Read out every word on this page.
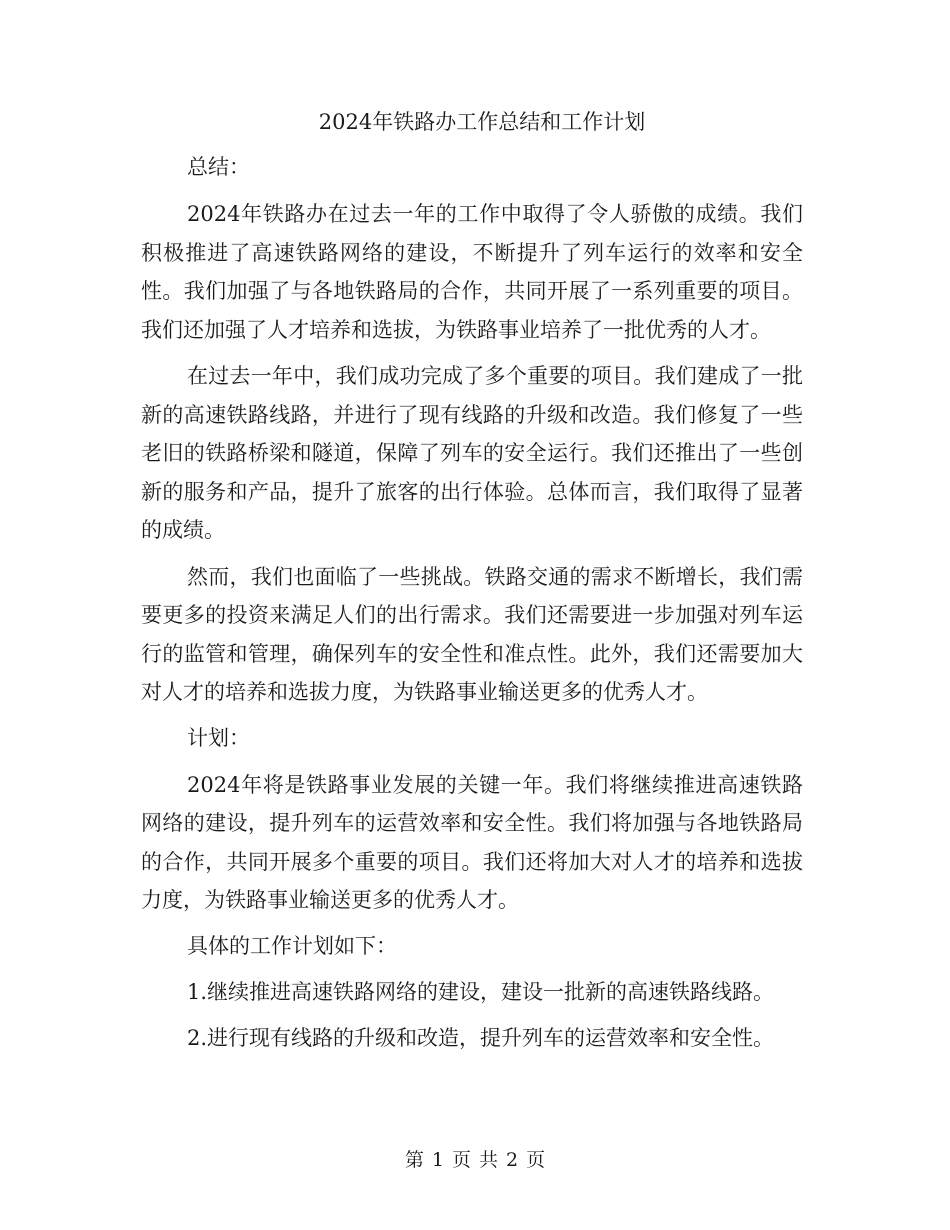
2024年铁路办工作总结和工作计划

总结：

2024年铁路办在过去一年的工作中取得了令人骄傲的成绩。我们积极推进了高速铁路网络的建设，不断提升了列车运行的效率和安全性。我们加强了与各地铁路局的合作，共同开展了一系列重要的项目。我们还加强了人才培养和选拔，为铁路事业培养了一批优秀的人才。

在过去一年中，我们成功完成了多个重要的项目。我们建成了一批新的高速铁路线路，并进行了现有线路的升级和改造。我们修复了一些老旧的铁路桥梁和隧道，保障了列车的安全运行。我们还推出了一些创新的服务和产品，提升了旅客的出行体验。总体而言，我们取得了显著的成绩。

然而，我们也面临了一些挑战。铁路交通的需求不断增长，我们需要更多的投资来满足人们的出行需求。我们还需要进一步加强对列车运行的监管和管理，确保列车的安全性和准点性。此外，我们还需要加大对人才的培养和选拔力度，为铁路事业输送更多的优秀人才。

计划：

2024年将是铁路事业发展的关键一年。我们将继续推进高速铁路网络的建设，提升列车的运营效率和安全性。我们将加强与各地铁路局的合作，共同开展多个重要的项目。我们还将加大对人才的培养和选拔力度，为铁路事业输送更多的优秀人才。

具体的工作计划如下：

1.继续推进高速铁路网络的建设，建设一批新的高速铁路线路。

2.进行现有线路的升级和改造，提升列车的运营效率和安全性。

第 1 页 共 2 页
